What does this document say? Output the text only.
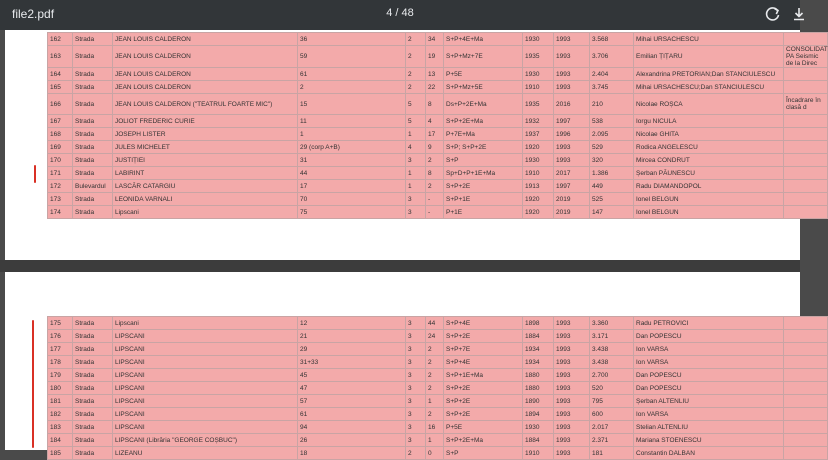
file2.pdf	4 / 48
162	Strada	JEAN LOUIS CALDERON	36	2	34	S+P+4E+Ma	1930	1993	3.568	Mihai URSACHESCU	
163	Strada	JEAN LOUIS CALDERON	59	2	19	S+P+Mz+7E	1935	1993	3.706	Emilian ȚIȚARU	CONSOLIDAT PA Seismic de la Direc
164	Strada	JEAN LOUIS CALDERON	61	2	13	P+5E	1930	1993	2.404	Alexandrina PRETORIAN;Dan STANCIULESCU	
165	Strada	JEAN LOUIS CALDERON	2	2	22	S+P+Mz+5E	1910	1993	3.745	Mihai URSACHESCU;Dan STANCIULESCU	
166	Strada	JEAN LOUIS CALDERON ("TEATRUL FOARTE MIC")	15	5	8	Ds+P+2E+Ma	1935	2016	210	Nicolae ROȘCA	Încadrare în clasă d
167	Strada	JOLIOT FREDERIC CURIE	11	5	4	S+P+2E+Ma	1932	1997	538	Iorgu NICULA	
168	Strada	JOSEPH LISTER	1	1	17	P+7E+Ma	1937	1996	2.095	Nicolae GHITA	
169	Strada	JULES MICHELET	29 (corp A+B)	4	9	S+P; S+P+2E	1920	1993	529	Rodica ANGELESCU	
170	Strada	JUSTIȚIEI	31	3	2	S+P	1930	1993	320	Mircea CONDRUT	
171	Strada	LABIRINT	44	1	8	Sp+D+P+1E+Ma	1910	2017	1.386	Șerban PĂUNESCU	
172	Bulevardul	LASCĂR CATARGIU	17	1	2	S+P+2E	1913	1997	449	Radu DIAMANDOPOL	
173	Strada	LEONIDA VARNALI	70	3	-	S+P+1E	1920	2019	525	Ionel BELGUN	
174	Strada	Lipscani	75	3	-	P+1E	1920	2019	147	Ionel BELGUN	
175	Strada	Lipscani	12	3	44	S+P+4E	1898	1993	3.360	Radu PETROVICI	
176	Strada	LIPSCANI	21	3	24	S+P+2E	1884	1993	3.171	Dan POPESCU	
177	Strada	LIPSCANI	29	3	2	S+P+7E	1934	1993	3.438	Ion VARSA	
178	Strada	LIPSCANI	31+33	3	2	S+P+4E	1934	1993	3.438	Ion VARSA	
179	Strada	LIPSCANI	45	3	2	S+P+1E+Ma	1880	1993	2.700	Dan POPESCU	
180	Strada	LIPSCANI	47	3	2	S+P+2E	1880	1993	520	Dan POPESCU	
181	Strada	LIPSCANI	57	3	1	S+P+2E	1890	1993	795	Șerban ALTENLIU	
182	Strada	LIPSCANI	61	3	2	S+P+2E	1894	1993	600	Ion VARSA	
183	Strada	LIPSCANI	94	3	16	P+5E	1930	1993	2.017	Stelian ALTENLIU	
184	Strada	LIPSCANI (Librăria "GEORGE COȘBUC")	26	3	1	S+P+2E+Ma	1884	1993	2.371	Mariana STOENESCU	
185	Strada	LIZEANU	18	2	0	S+P	1910	1993	181	Constantin DALBAN	
